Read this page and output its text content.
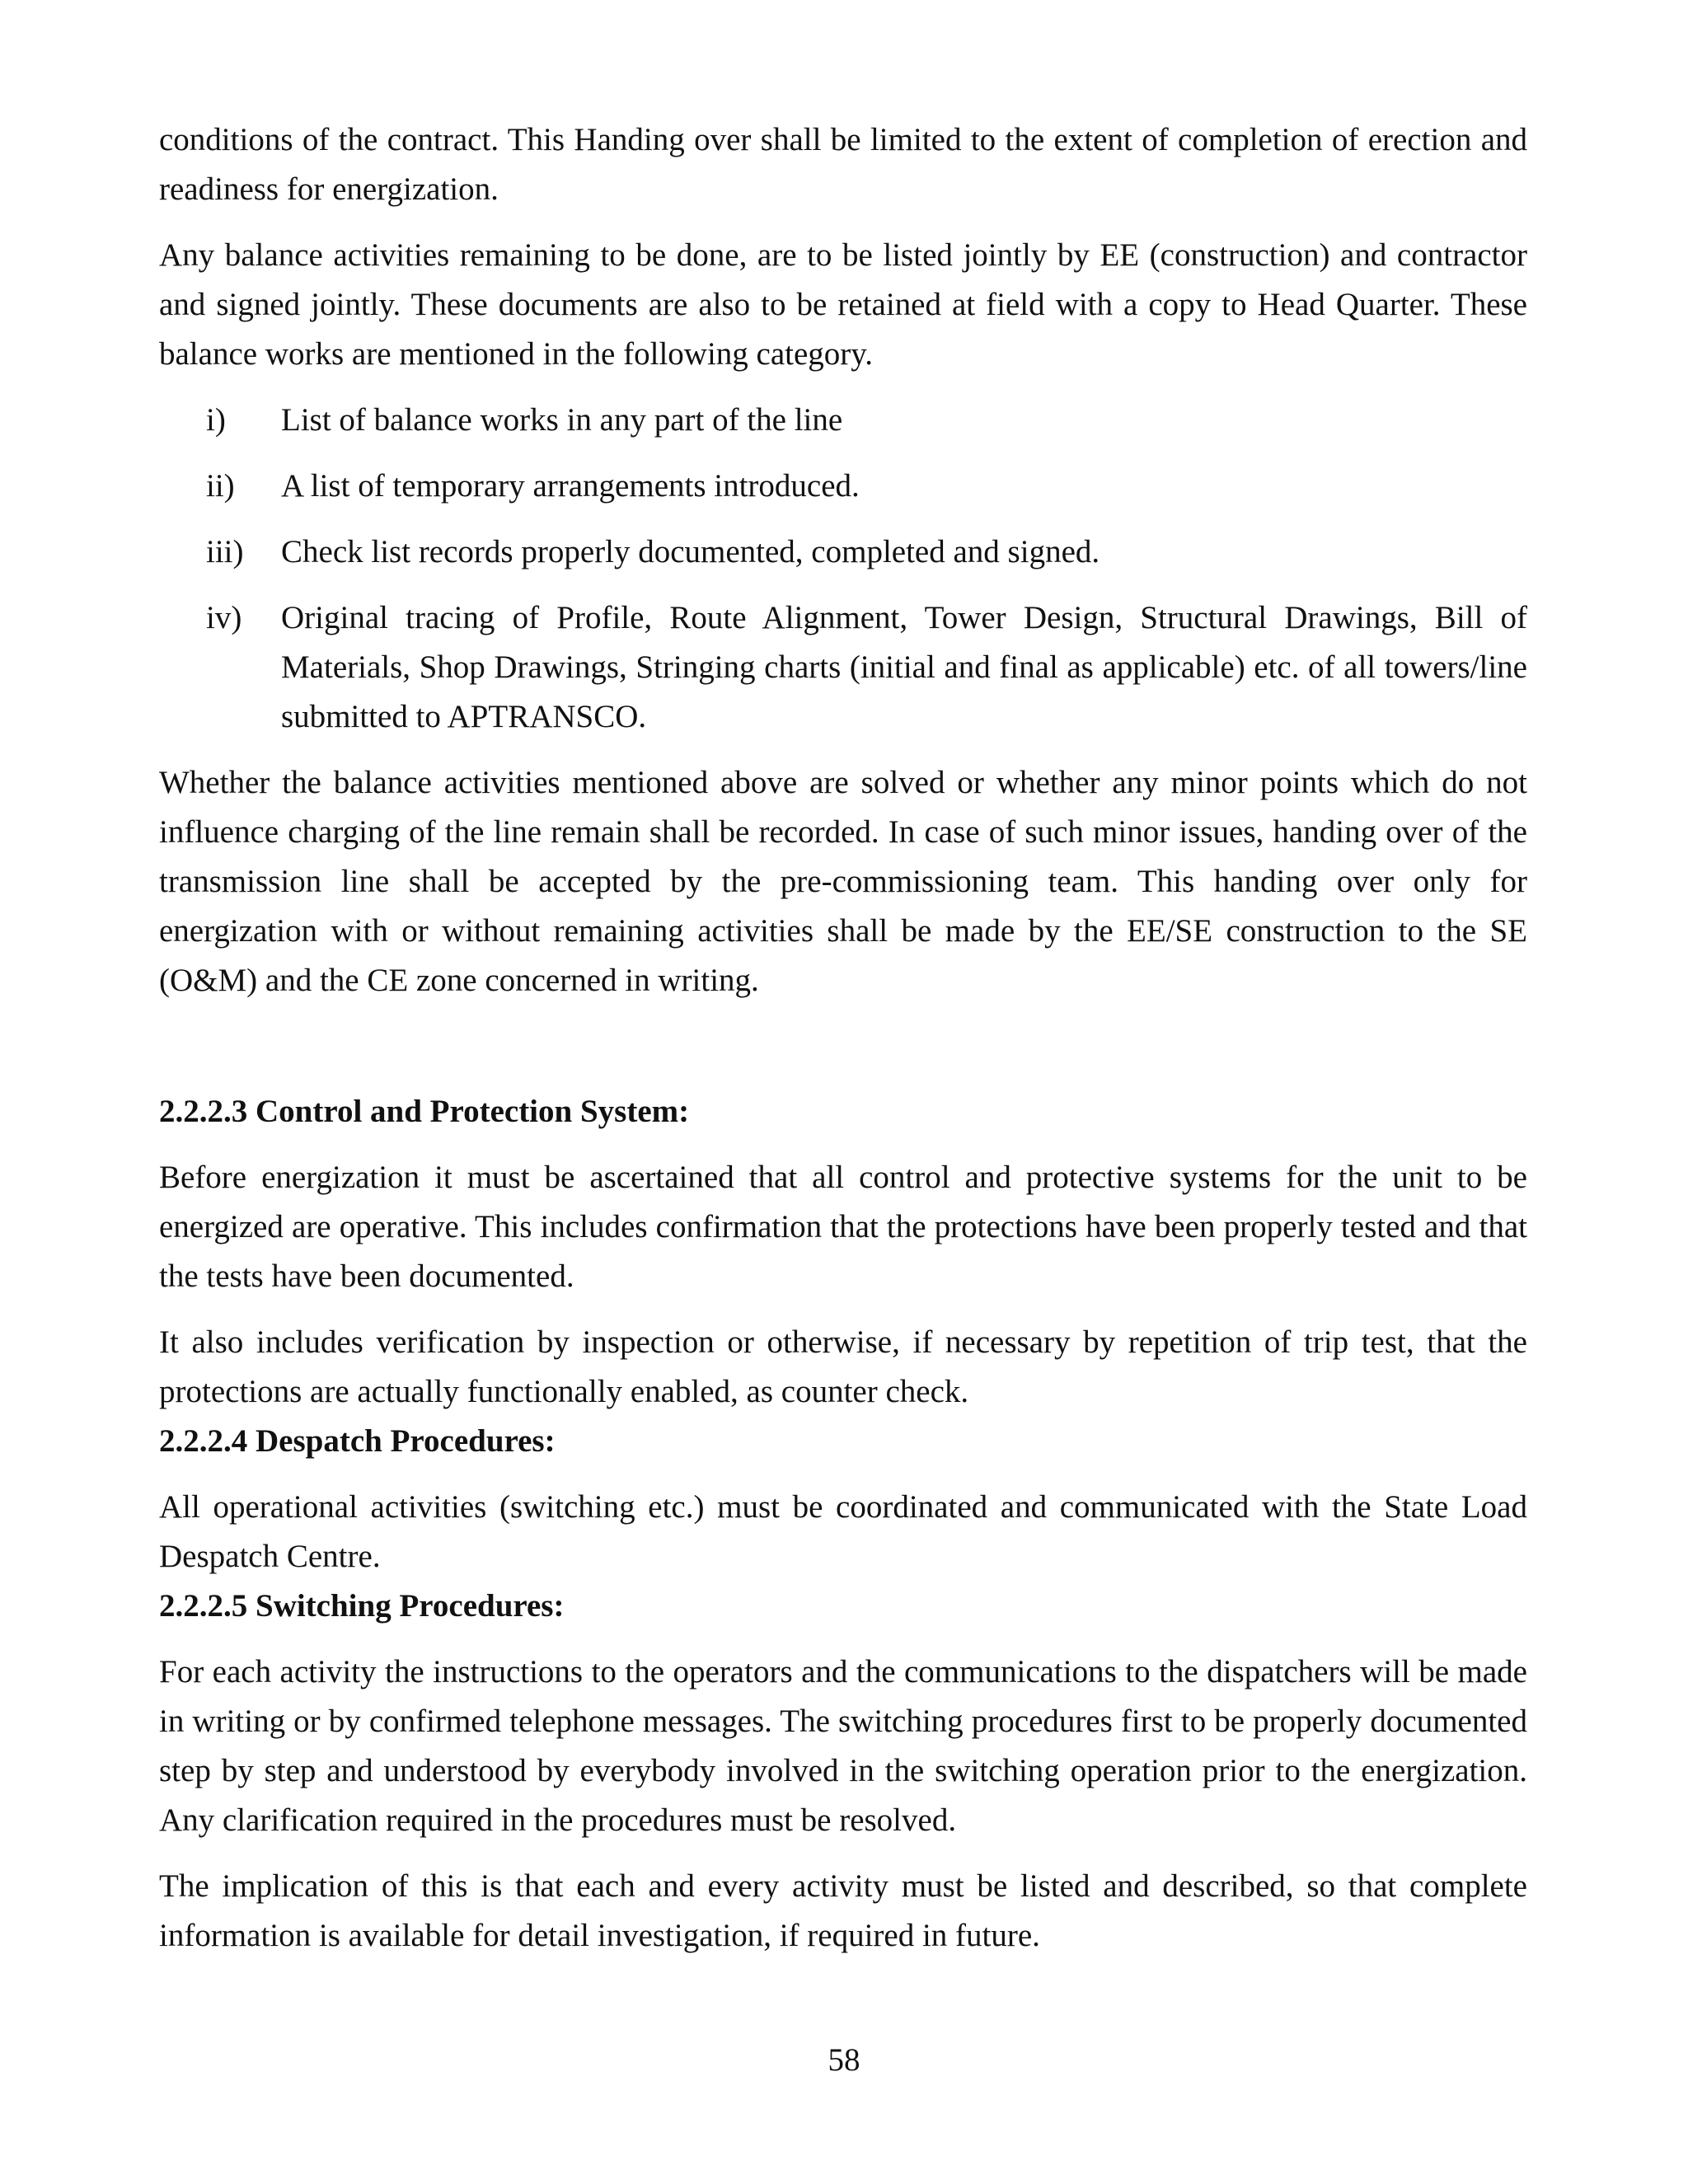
conditions of the contract. This Handing over shall be limited to the extent of completion of erection and readiness for energization.

Any balance activities remaining to be done, are to be listed jointly by EE (construction) and contractor and signed jointly. These documents are also to be retained at field with a copy to Head Quarter. These balance works are mentioned in the following category.

i)	List of balance works in any part of the line
ii)	A list of temporary arrangements introduced.
iii)	Check list records properly documented, completed and signed.
iv)	Original tracing of Profile, Route Alignment, Tower Design, Structural Drawings, Bill of Materials, Shop Drawings, Stringing charts (initial and final as applicable) etc. of all towers/line submitted to APTRANSCO.

Whether the balance activities mentioned above are solved or whether any minor points which do not influence charging of the line remain shall be recorded. In case of such minor issues, handing over of the transmission line shall be accepted by the pre-commissioning team. This handing over only for energization with or without remaining activities shall be made by the EE/SE construction to the SE (O&M) and the CE zone concerned in writing.

2.2.2.3 Control and Protection System:

Before energization it must be ascertained that all control and protective systems for the unit to be energized are operative. This includes confirmation that the protections have been properly tested and that the tests have been documented.

It also includes verification by inspection or otherwise, if necessary by repetition of trip test, that the protections are actually functionally enabled, as counter check.

2.2.2.4 Despatch Procedures:

All operational activities (switching etc.) must be coordinated and communicated with the State Load Despatch Centre.

2.2.2.5 Switching Procedures:

For each activity the instructions to the operators and the communications to the dispatchers will be made in writing or by confirmed telephone messages. The switching procedures first to be properly documented step by step and understood by everybody involved in the switching operation prior to the energization. Any clarification required in the procedures must be resolved.

The implication of this is that each and every activity must be listed and described, so that complete information is available for detail investigation, if required in future.

58
